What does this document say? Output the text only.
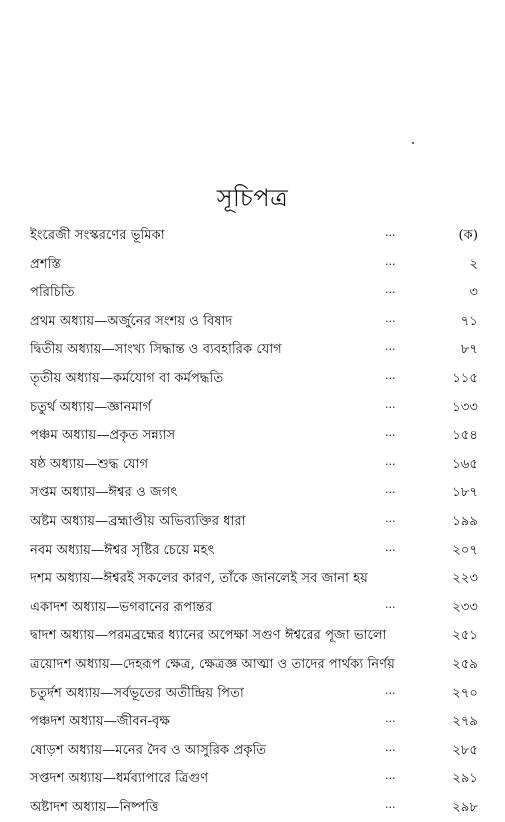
সূচিপত্র
ইংরেজী সংস্করণের ভূমিকা	···	(ক)
প্রশস্তি	···	২
পরিচিতি	···	৩
প্রথম অধ্যায়—অর্জুনের সংশয় ও বিষাদ	···	৭১
দ্বিতীয় অধ্যায়—সাংখ্য সিদ্ধান্ত ও ব্যবহারিক যোগ	···	৮৭
তৃতীয় অধ্যায়—কর্মযোগ বা কর্মপদ্ধতি	···	১১৫
চতুর্থ অধ্যায়—জ্ঞানমার্গ	···	১৩৩
পঞ্চম অধ্যায়—প্রকৃত সন্ন্যাস	···	১৫৪
ষষ্ঠ অধ্যায়—শুদ্ধ যোগ	···	১৬৫
সপ্তম অধ্যায়—ঈশ্বর ও জগৎ	···	১৮৭
অষ্টম অধ্যায়—ব্রহ্মাণ্ডীয় অভিব্যক্তির ধারা	···	১৯৯
নবম অধ্যায়—ঈশ্বর সৃষ্টির চেয়ে মহৎ	···	২০৭
দশম অধ্যায়—ঈশ্বরই সকলের কারণ, তাঁকে জানলেই সব জানা হয়	২২৩
একাদশ অধ্যায়—ভগবানের রূপান্তর	···	২৩৩
দ্বাদশ অধ্যায়—পরমব্রহ্মের ধ্যানের অপেক্ষা সগুণ ঈশ্বরের পূজা ভালো	২৫১
ত্রয়োদশ অধ্যায়—দেহরূপ ক্ষেত্র, ক্ষেত্রজ্ঞ আত্মা ও তাদের পার্থক্য নির্ণয়	২৫৯
চতুর্দশ অধ্যায়—সর্বভূতের অতীন্দ্রিয় পিতা	···	২৭০
পঞ্চদশ অধ্যায়—জীবন-বৃক্ষ	···	২৭৯
ষোড়শ অধ্যায়—মনের দৈব ও আসুরিক প্রকৃতি	···	২৮৫
সপ্তদশ অধ্যায়—ধর্মব্যাপারে ত্রিগুণ	···	২৯১
অষ্টাদশ অধ্যায়—নিষ্পত্তি	···	২৯৮
